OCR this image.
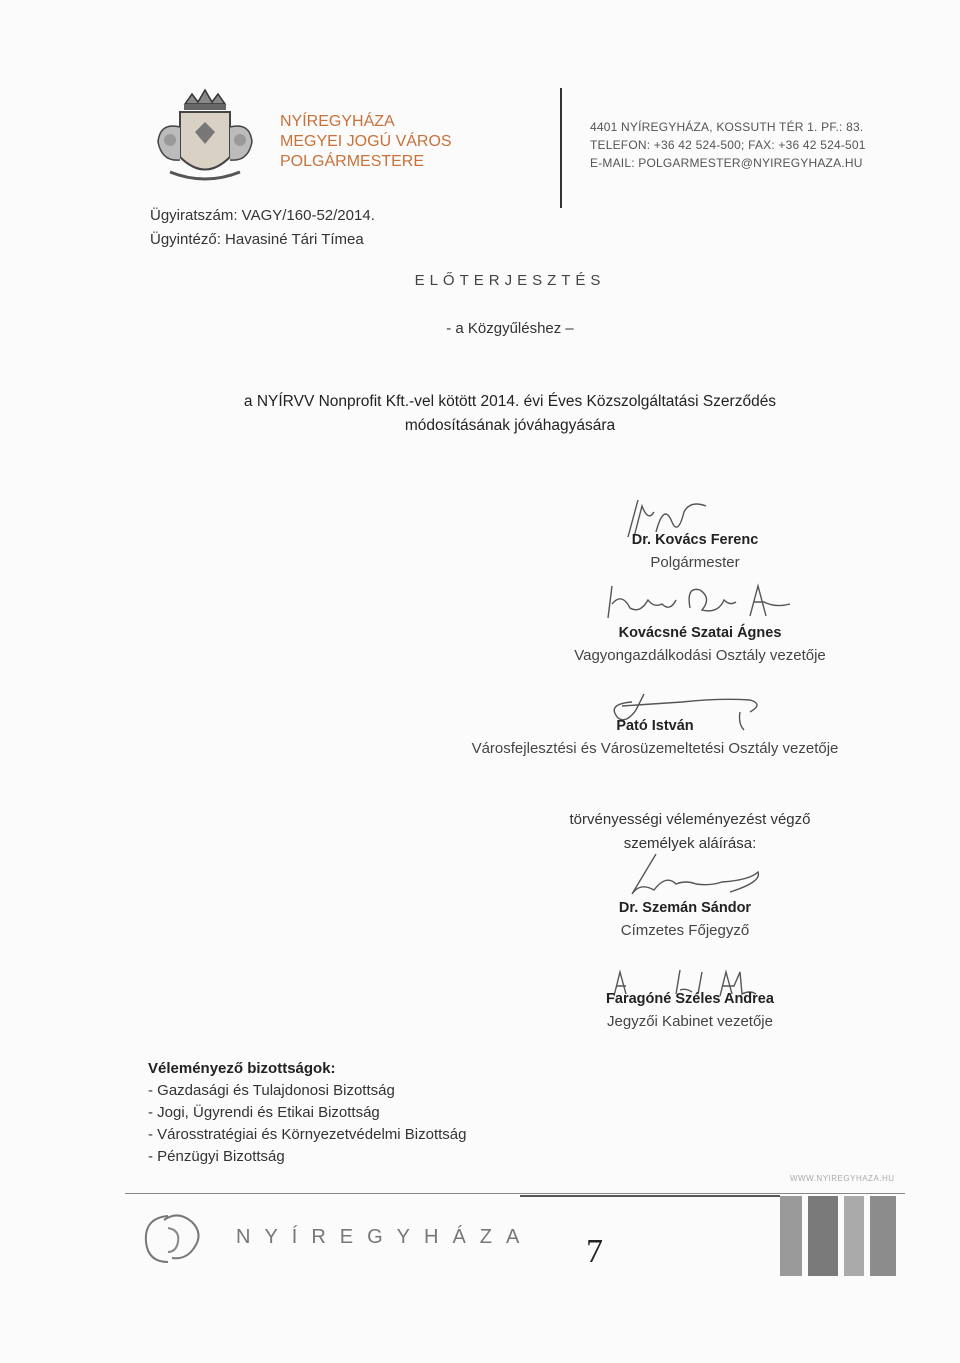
NYÍREGYHÁZA
MEGYEI JOGÚ VÁROS
POLGÁRMESTERE
4401 NYÍREGYHÁZA, KOSSUTH TÉR 1. PF.: 83.
TELEFON: +36 42 524-500; FAX: +36 42 524-501
E-MAIL: POLGARMESTER@NYIREGYHAZA.HU
Ügyiratszám: VAGY/160-52/2014.
Ügyintéző: Havasiné Tári Tímea
ELŐTERJESZTÉS
- a Közgyűléshez –
a NYÍRVV Nonprofit Kft.-vel kötött 2014. évi Éves Közszolgáltatási Szerződés
módosításának jóváhagyására
Dr. Kovács Ferenc
Polgármester
Kovácsné Szatai Ágnes
Vagyongazdálkodási Osztály vezetője
Pató István
Városfejlesztési és Városüzemeltetési Osztály vezetője
törvényességi véleményezést végző
személyek aláírása:
Dr. Szemán Sándor
Címzetes Főjegyző
Faragóné Széles Andrea
Jegyzői Kabinet vezetője
Véleményező bizottságok:
- Gazdasági és Tulajdonosi Bizottság
- Jogi, Ügyrendi és Etikai Bizottság
- Városstratégiai és Környezetvédelmi Bizottság
- Pénzügyi Bizottság
NYÍREGYHÁZA 7
WWW.NYIREGYHAZA.HU
